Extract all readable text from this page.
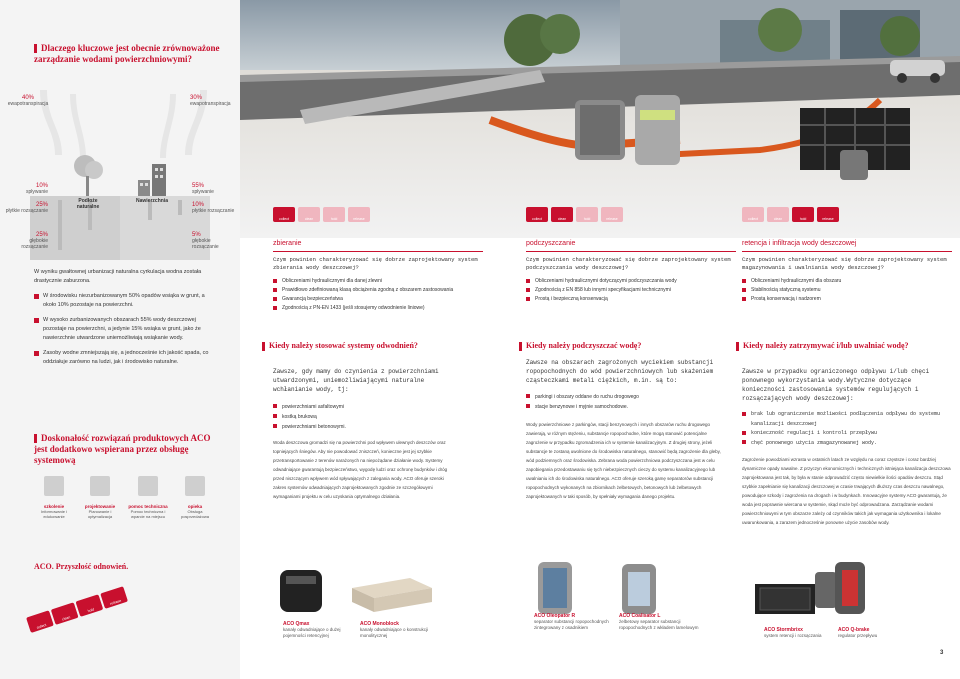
Dlaczego kluczowe jest obecnie zrównoważone zarządzanie wodami powierzchniowymi?
40%
ewapotranspiracja
30%
ewapotranspiracja
10%
spływanie
55%
spływanie
25%
płytkie rozsączanie
10%
płytkie rozsączanie
25%
głębokie rozsączanie
5%
głębokie rozsączanie
Podłoże naturalne
Nawierzchnia
W wyniku gwałtownej urbanizacji naturalna cyrkulacja wodna została drastycznie zaburzona.
W środowisku niezurbanizowanym 50% opadów wsiąka w grunt, a około 10% pozostaje na powierzchni.
W wysoko zurbanizowanych obszarach 55% wody deszczowej pozostaje na powierzchni, a jedynie 15% wsiąka w grunt, jako że nawierzchnie utwardzone uniemożliwiają wsiąkanie wody.
Zasoby wodne zmniejszają się, a jednocześnie ich jakość spada, co oddziałuje zarówno na ludzi, jak i środowisko naturalne.
Doskonałość rozwiązań produktowych ACO jest dodatkowo wspierana przez obsługę systemową
szkolenie
Informowanie i edukowanie
projektowanie
Planowanie i optymalizacja
pomoc techniczna
Pomoc techniczna i wparcie na miejscu
opieka
Obsługa posprzedażowa
ACO. Przyszłość odnowień.
collect
clean
hold
release
collect	clean	hold	release	collect	clean	hold	release	collect	clean	hold	release
zbieranie
Czym powinien charakteryzować się dobrze zaprojektowany system zbierania wody deszczowej?
Obliczeniami hydraulicznymi dla danej zlewni
Prawidłowo zdefiniowaną klasą obciążenia zgodną z obszarem zastosowania
Gwarancją bezpieczeństwa
Zgodnością z PN-EN 1433 (jeśli stosujemy odwodnienie liniowe)
Kiedy należy stosować systemy odwodnień?
Zawsze, gdy mamy do czynienia z powierzchniami utwardzonymi, uniemożliwiającymi naturalne wchłanianie wody, tj:
powierzchniami asfaltowymi
kostką brukową
powierzchniami betonowymi.
Woda deszczowa gromadzi się na powierzchni pod wpływem ulewnych deszczów oraz topniejących śniegów. Aby nie powodować zniszczeń, konieczne jest jej szybkie przetransportowanie z terenów narażonych na niepożądane działanie wody. Systemy odwadniające gwarantują bezpieczeństwo, wygodę ludzi oraz ochronę budynków i dróg przed niszczącym wpływem wód spływających z zalegania wody. ACO oferuje szeroki zakres systemów odwadniających zaprojektowanych zgodnie ze szczegółowymi wymaganiami projektu w celu uzyskania optymalnego działania.
podczyszczanie
Czym powinien charakteryzować się dobrze zaprojektowany system podczyszczania wody deszczowej?
Obliczeniami hydraulicznymi dotyczącymi podczyszczania wody
Zgodnością z EN 858 lub innymi specyfikacjami technicznymi
Prostą i bezpieczną konserwacją
Kiedy należy podczyszczać wodę?
Zawsze na obszarach zagrożonych wyciekiem substancji ropopochodnych do wód powierzchniowych lub skażeniem cząsteczkami metali ciężkich, m.in. są to:
parkingi i obszary oddane do ruchu drogowego
stacje benzynowe i myjnie samochodowe.
Wody powierzchniowe z parkingów, stacji benzynowych i innych obszarów ruchu drogowego zawierają, w różnym stężeniu, substancje ropopochodne, które mogą stanowić potencjalne zagrożenie w przypadku zgromadzenia ich w systemie kanalizacyjnym. Z drugiej strony, jeżeli substancje te zostaną uwolnione do środowiska naturalnego, stanowić będą zagrożenie dla gleby, wód podziemnych oraz środowiska. Zebrana woda powierzchniowa podczyszczana jest w celu zapobiegania przedostawaniu się tych niebezpiecznych cieczy do systemu kanalizacyjnego lub uwalnianiu ich do środowiska naturalnego. ACO oferuje szeroką gamę separatorów substancji ropopochodnych wykonanych na zbiornikach żelbetowych, betonowych lub żelbetowych zaprojektowanych w taki sposób, by spełniały wymagania danego projektu.
retencja i infiltracja wody deszczowej
Czym powinien charakteryzować się dobrze zaprojektowany system magazynowania i uwalniania wody deszczowej?
Obliczeniami hydraulicznymi dla obszaru
Stabilnością statyczną systemu
Prostą konserwacją i nadzorem
Kiedy należy zatrzymywać i/lub uwalniać wodę?
Zawsze w przypadku ograniczonego odpływu i/lub chęci ponownego wykorzystania wody.Wytyczne dotyczące konieczności zastosowania systemów regulujących i rozsączających wody deszczowej:
brak lub ograniczenie możliwości podłączenia odpływu do systemu kanalizacji deszczowej
konieczność regulacji i kontroli przepływu
chęć ponownego użycia zmagazynowanej wody.
Zagrożenie powodziami wzrasta w ostatnich latach ze względu na coraz częstsze i coraz bardziej dynamiczne opady nawalne. Z przyczyn ekonomicznych i technicznych istniejąca kanalizacja deszczowa zaprojektowana jest tak, by była w stanie odprowadzić często niewielkie ilości opadów deszczu. Stąd szybkie zapełnianie się kanalizacji deszczowej w czasie trwających dłuższy czas deszczu nawalnego, powodujące szkody i zagrożenia na drogach i w budynkach. Innowacyjne systemy ACO gwarantują, że woda jest poprawnie wiercana w systemie, skąd może być odprowadzana. Zarządzanie wodami powierzchniowymi w tym obszarze zależy od czynników takich jak wymagania użytkownika i lokalne uwarunkowania, a zarazem jednocześnie ponowne użycie zasobów wody.
ACO Qmax
kanały odwadniające o dużej pojemności retencyjnej
ACO Monoblock
kanały odwadniające o konstrukcji monolitycznej
ACO Oleopator R
separator substancji ropopochodnych zintegrowany z osadnikiem
ACO Coalisator L
żelbetowy separator substancji ropopochodnych z wkładem lamelowym	ACO Stormbrixx
system retencji i rozsączania
ACO Q-brake
regulator przepływu
3
